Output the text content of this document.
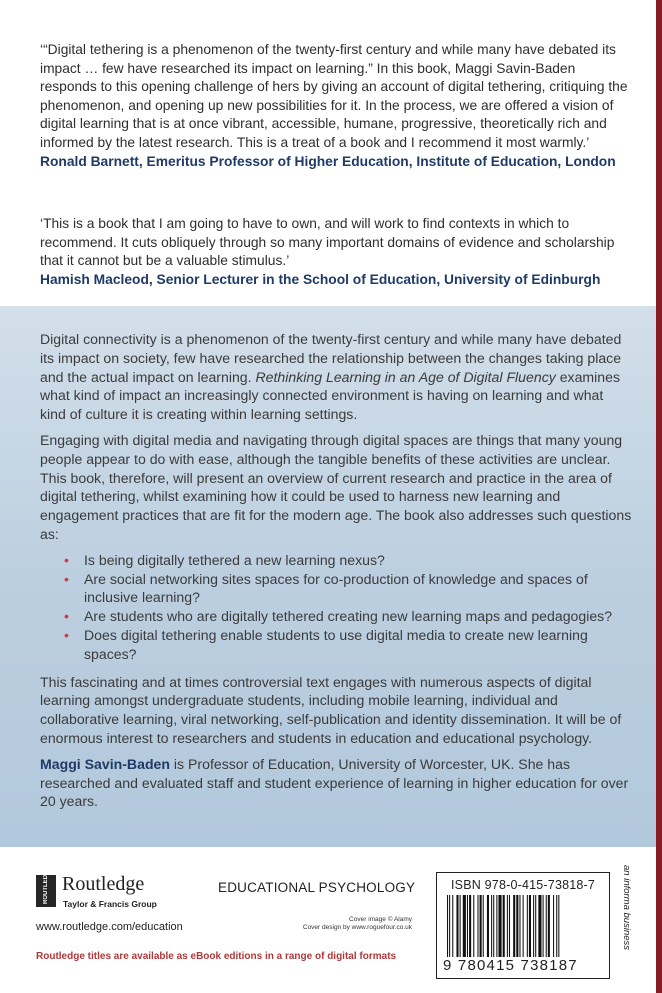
‘“Digital tethering is a phenomenon of the twenty-first century and while many have debated its impact … few have researched its impact on learning.” In this book, Maggi Savin-Baden responds to this opening challenge of hers by giving an account of digital tethering, critiquing the phenomenon, and opening up new possibilities for it. In the process, we are offered a vision of digital learning that is at once vibrant, accessible, humane, progressive, theoretically rich and informed by the latest research. This is a treat of a book and I recommend it most warmly.’

Ronald Barnett, Emeritus Professor of Higher Education, Institute of Education, London

‘This is a book that I am going to have to own, and will work to find contexts in which to recommend. It cuts obliquely through so many important domains of evidence and scholarship that it cannot but be a valuable stimulus.’

Hamish Macleod, Senior Lecturer in the School of Education, University of Edinburgh

Digital connectivity is a phenomenon of the twenty-first century and while many have debated its impact on society, few have researched the relationship between the changes taking place and the actual impact on learning. Rethinking Learning in an Age of Digital Fluency examines what kind of impact an increasingly connected environment is having on learning and what kind of culture it is creating within learning settings.

Engaging with digital media and navigating through digital spaces are things that many young people appear to do with ease, although the tangible benefits of these activities are unclear. This book, therefore, will present an overview of current research and practice in the area of digital tethering, whilst examining how it could be used to harness new learning and engagement practices that are fit for the modern age. The book also addresses such questions as:

• Is being digitally tethered a new learning nexus?
• Are social networking sites spaces for co-production of knowledge and spaces of inclusive learning?
• Are students who are digitally tethered creating new learning maps and pedagogies?
• Does digital tethering enable students to use digital media to create new learning spaces?

This fascinating and at times controversial text engages with numerous aspects of digital learning amongst undergraduate students, including mobile learning, individual and collaborative learning, viral networking, self-publication and identity dissemination. It will be of enormous interest to researchers and students in education and educational psychology.

Maggi Savin-Baden is Professor of Education, University of Worcester, UK. She has researched and evaluated staff and student experience of learning in higher education for over 20 years.

ROUTLEDGE Routledge
Taylor & Francis Group
www.routledge.com/education
Routledge titles are available as eBook editions in a range of digital formats
EDUCATIONAL PSYCHOLOGY
Cover image © Alamy
Cover design by www.roguefour.co.uk
ISBN 978-0-415-73818-7
9 780415 738187
an informa business
